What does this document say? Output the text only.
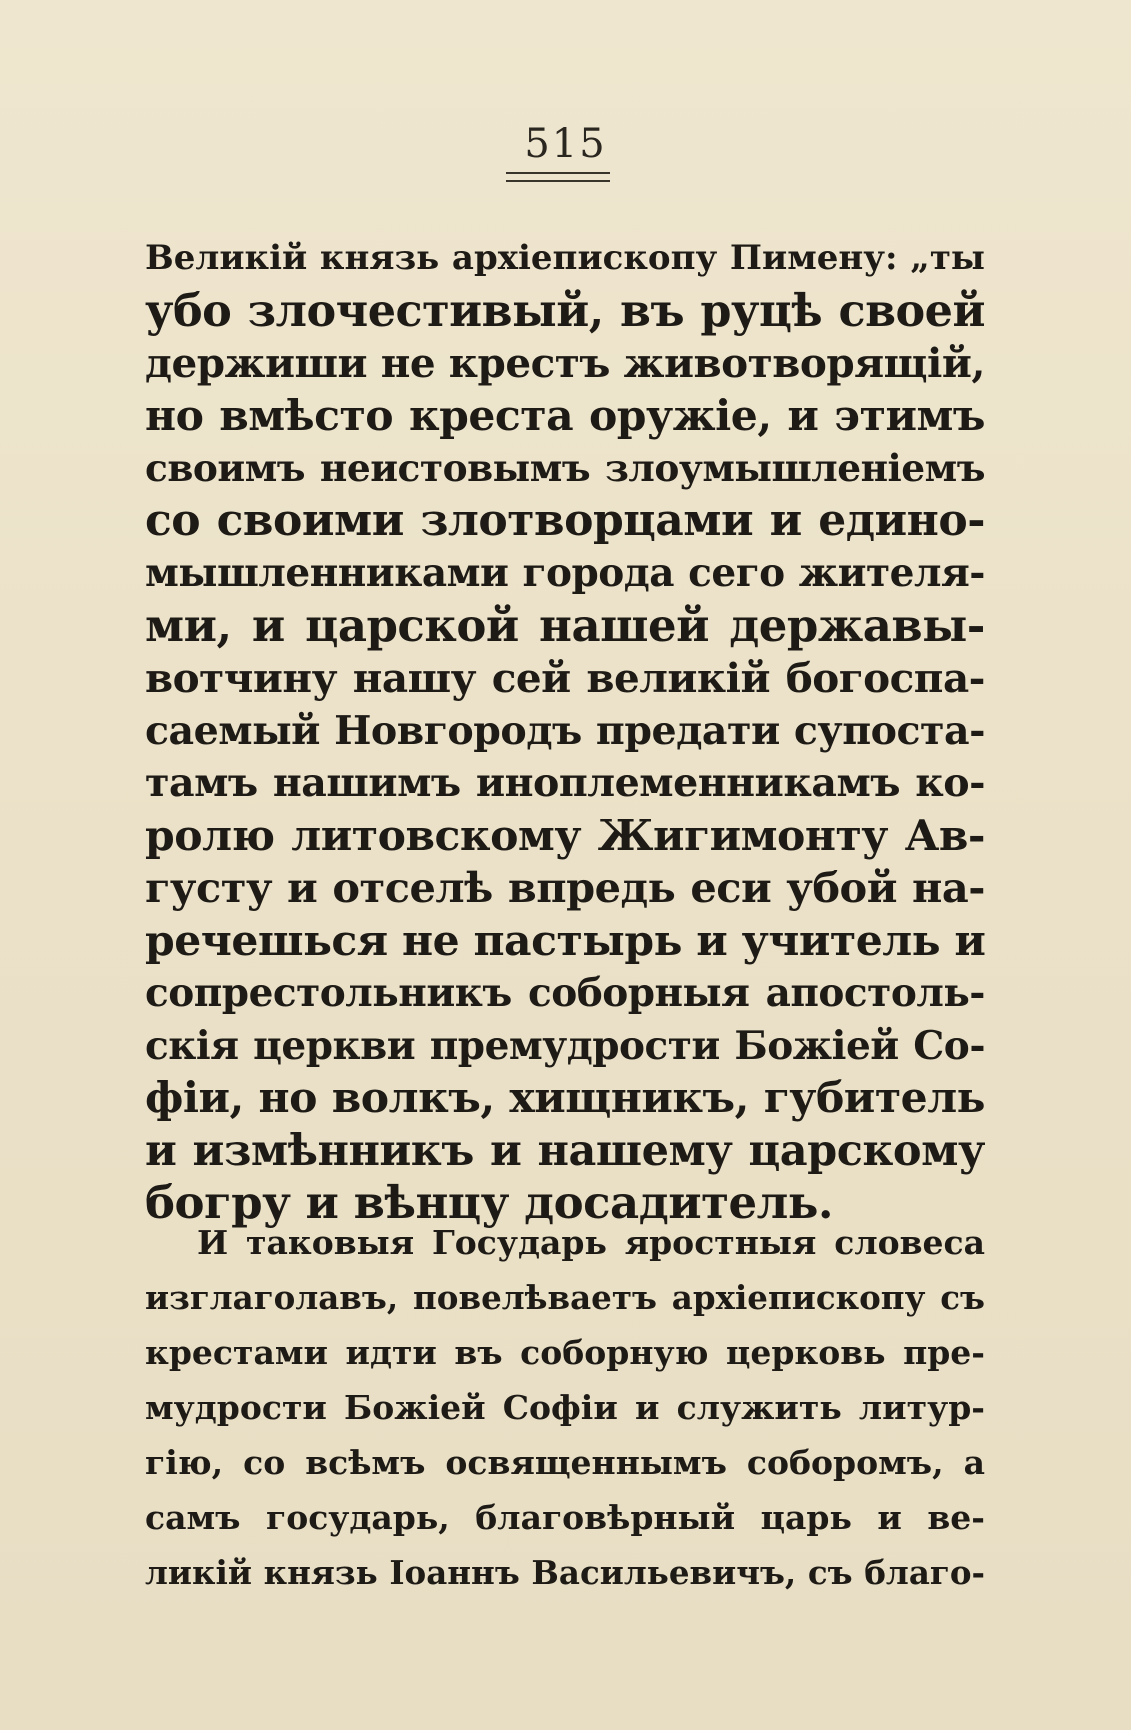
515
Великій князь архіепископу Пимену: „ты
убо злочестивый, въ руцѣ своей
держиши не крестъ животворящій,
но вмѣсто креста оружіе, и этимъ
своимъ неистовымъ злоумышленіемъ
со своими злотворцами и едино-
мышленниками города сего жителя-
ми, и царской нашей державы-
вотчину нашу сей великій богоспа-
саемый Новгородъ предати супоста-
тамъ нашимъ иноплеменникамъ ко-
ролю литовскому Жигимонту Ав-
густу и отселѣ впредь еси убой на-
речешься не пастырь и учитель и
сопрестольникъ соборныя апостоль-
скія церкви премудрости Божіей Со-
фіи, но волкъ, хищникъ, губитель
и измѣнникъ и нашему царскому
богру и вѣнцу досадитель.
И таковыя Государь яростныя словеса
изглаголавъ, повелѣваетъ архіепископу съ
крестами идти въ соборную церковь пре-
мудрости Божіей Софіи и служить литур-
гію, со всѣмъ освященнымъ соборомъ, а
самъ государь, благовѣрный царь и ве-
ликій князь Іоаннъ Васильевичъ, съ благо-
